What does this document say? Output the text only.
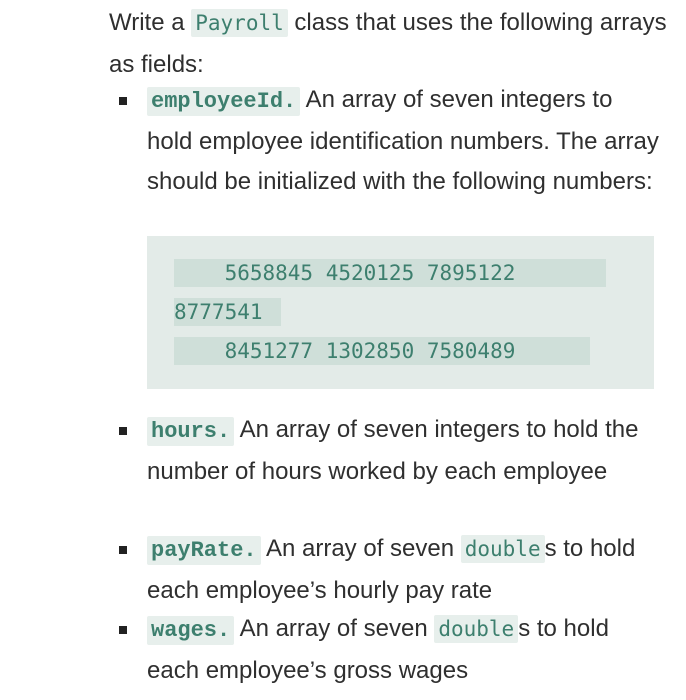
Write a Payroll class that uses the following arrays as fields:

employeeId. An array of seven integers to hold employee identification numbers. The array should be initialized with the following numbers:
5658845 4520125 7895122
8777541
8451277 1302850 7580489
hours. An array of seven integers to hold the number of hours worked by each employee
payRate. An array of seven double s to hold each employee’s hourly pay rate
wages. An array of seven double s to hold each employee’s gross wages
